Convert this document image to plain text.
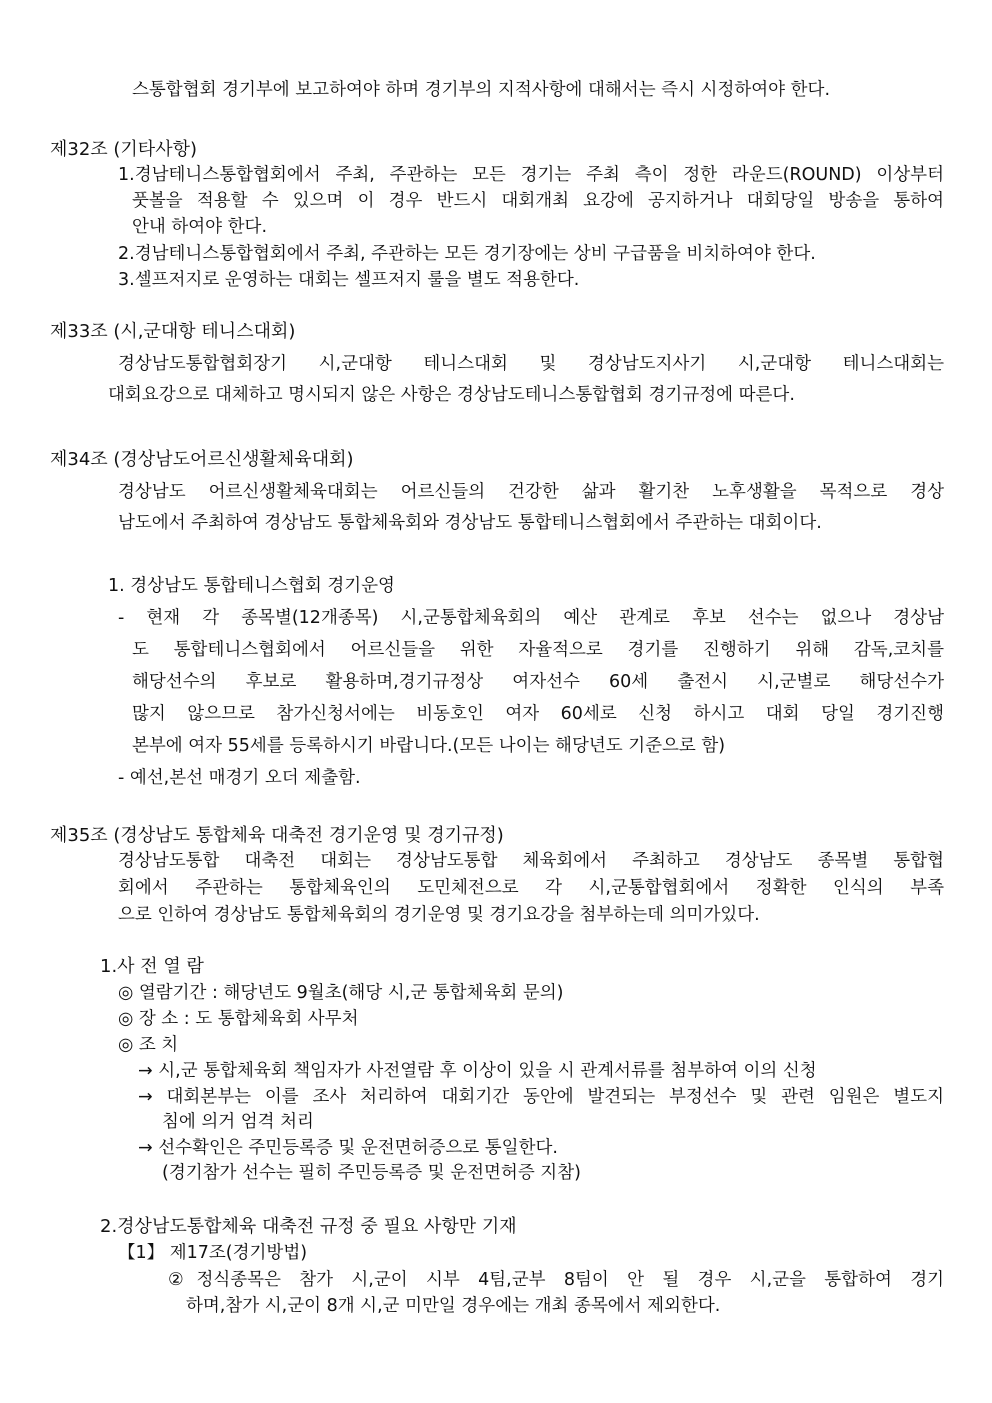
스통합협회 경기부에 보고하여야 하며 경기부의 지적사항에 대해서는 즉시 시정하여야 한다.
제32조 (기타사항)
1.경남테니스통합협회에서 주최, 주관하는 모든 경기는 주최 측이 정한 라운드(ROUND) 이상부터
풋볼을 적용할 수 있으며 이 경우 반드시 대회개최 요강에 공지하거나 대회당일 방송을 통하여
안내 하여야 한다.
2.경남테니스통합협회에서 주최, 주관하는 모든 경기장에는 상비 구급품을 비치하여야 한다.
3.셀프저지로 운영하는 대회는 셀프저지 룰을 별도 적용한다.
제33조 (시,군대항 테니스대회)
경상남도통합협회장기 시,군대항 테니스대회 및 경상남도지사기 시,군대항 테니스대회는
대회요강으로 대체하고 명시되지 않은 사항은 경상남도테니스통합협회 경기규정에 따른다.
제34조 (경상남도어르신생활체육대회)
경상남도 어르신생활체육대회는 어르신들의 건강한 삶과 활기찬 노후생활을 목적으로 경상
남도에서 주최하여 경상남도 통합체육회와 경상남도 통합테니스협회에서 주관하는 대회이다.
1. 경상남도 통합테니스협회 경기운영
- 현재 각 종목별(12개종목) 시,군통합체육회의 예산 관계로 후보 선수는 없으나 경상남
도 통합테니스협회에서 어르신들을 위한 자율적으로 경기를 진행하기 위해 감독,코치를
해당선수의 후보로 활용하며,경기규정상 여자선수 60세 출전시 시,군별로 해당선수가
많지 않으므로 참가신청서에는 비동호인 여자 60세로 신청 하시고 대회 당일 경기진행
본부에 여자 55세를 등록하시기 바랍니다.(모든 나이는 해당년도 기준으로 함)
- 예선,본선 매경기 오더 제출함.
제35조 (경상남도 통합체육 대축전 경기운영 및 경기규정)
경상남도통합 대축전 대회는 경상남도통합 체육회에서 주최하고 경상남도 종목별 통합협
회에서 주관하는 통합체육인의 도민체전으로 각 시,군통합협회에서 정확한 인식의 부족
으로 인하여 경상남도 통합체육회의 경기운영 및 경기요강을 첨부하는데 의미가있다.
1.사 전 열 람
◎ 열람기간 : 해당년도 9월초(해당 시,군 통합체육회 문의)
◎ 장 소 : 도 통합체육회 사무처
◎ 조 치
→ 시,군 통합체육회 책임자가 사전열람 후 이상이 있을 시 관계서류를 첨부하여 이의 신청
→ 대회본부는 이를 조사 처리하여 대회기간 동안에 발견되는 부정선수 및 관련 임원은 별도지
침에 의거 엄격 처리
→ 선수확인은 주민등록증 및 운전면허증으로 통일한다.
(경기참가 선수는 필히 주민등록증 및 운전면허증 지참)
2.경상남도통합체육 대축전 규정 중 필요 사항만 기재
【1】 제17조(경기방법)
②정식종목은 참가 시,군이 시부 4팀,군부 8팀이 안 될 경우 시,군을 통합하여 경기
하며,참가 시,군이 8개 시,군 미만일 경우에는 개최 종목에서 제외한다.
